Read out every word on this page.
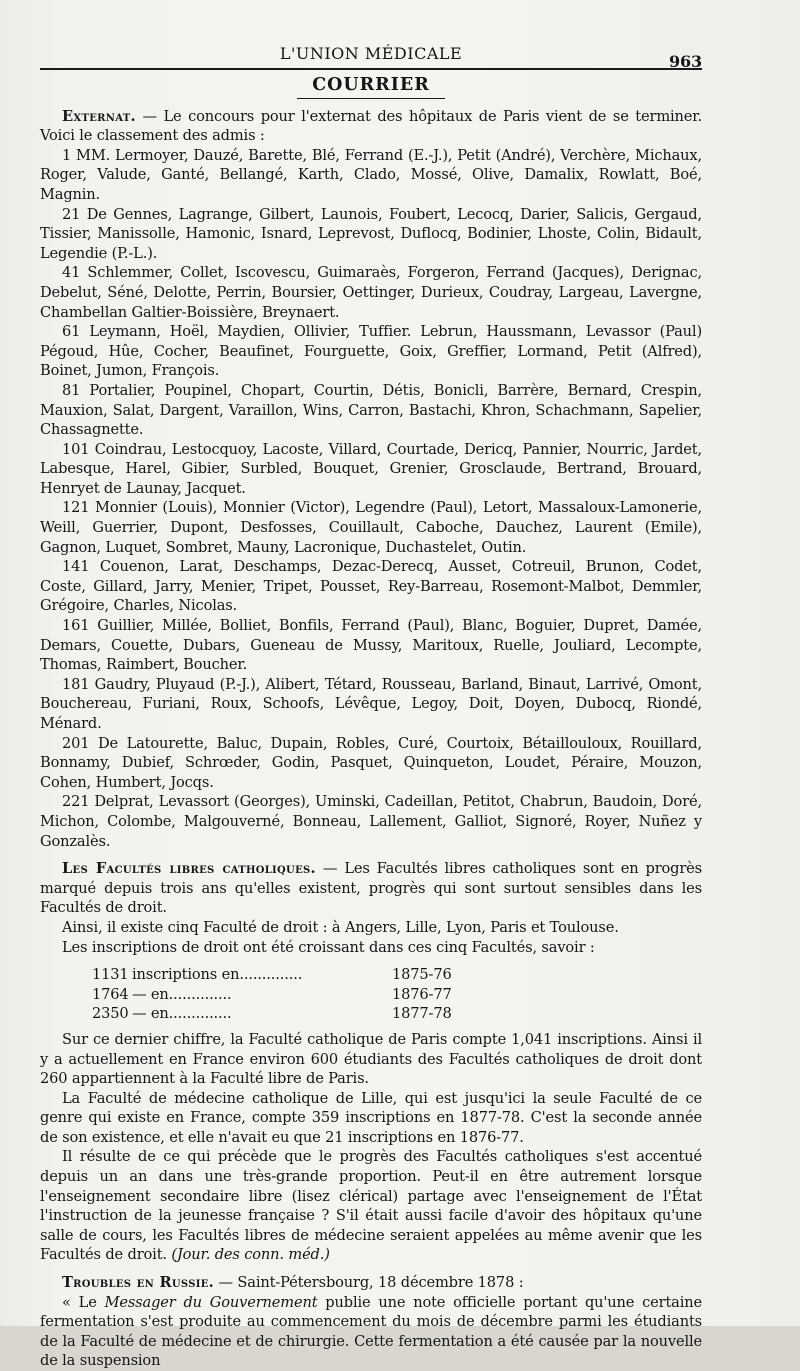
L'UNION MÉDICALE	963
COURRIER

Externat. — Le concours pour l'externat des hôpitaux de Paris vient de se terminer. Voici le classement des admis :

1 MM. Lermoyer, Dauzé, Barette, Blé, Ferrand (E.-J.), Petit (André), Verchère, Michaux, Roger, Valude, Ganté, Bellangé, Karth, Clado, Mossé, Olive, Damalix, Rowlatt, Boé, Magnin.

21 De Gennes, Lagrange, Gilbert, Launois, Foubert, Lecocq, Darier, Salicis, Gergaud, Tissier, Manissolle, Hamonic, Isnard, Leprevost, Duflocq, Bodinier, Lhoste, Colin, Bidault, Legendie (P.-L.).

41 Schlemmer, Collet, Iscovescu, Guimaraès, Forgeron, Ferrand (Jacques), Derignac, Debelut, Séné, Delotte, Perrin, Boursier, Oettinger, Durieux, Coudray, Largeau, Lavergne, Chambellan Galtier-Boissière, Breynaert.

61 Leymann, Hoël, Maydien, Ollivier, Tuffier. Lebrun, Haussmann, Levassor (Paul) Pégoud, Hûe, Cocher, Beaufinet, Fourguette, Goix, Greffier, Lormand, Petit (Alfred), Boinet, Jumon, François.

81 Portalier, Poupinel, Chopart, Courtin, Détis, Bonicli, Barrère, Bernard, Crespin, Mauxion, Salat, Dargent, Varaillon, Wins, Carron, Bastachi, Khron, Schachmann, Sapelier, Chassagnette.

101 Coindrau, Lestocquoy, Lacoste, Villard, Courtade, Dericq, Pannier, Nourric, Jardet, Labesque, Harel, Gibier, Surbled, Bouquet, Grenier, Grosclaude, Bertrand, Brouard, Henryet de Launay, Jacquet.

121 Monnier (Louis), Monnier (Victor), Legendre (Paul), Letort, Massaloux-Lamonerie, Weill, Guerrier, Dupont, Desfosses, Couillault, Caboche, Dauchez, Laurent (Emile), Gagnon, Luquet, Sombret, Mauny, Lacronique, Duchastelet, Outin.

141 Couenon, Larat, Deschamps, Dezac-Derecq, Ausset, Cotreuil, Brunon, Codet, Coste, Gillard, Jarry, Menier, Tripet, Pousset, Rey-Barreau, Rosemont-Malbot, Demmler, Grégoire, Charles, Nicolas.

161 Guillier, Millée, Bolliet, Bonfils, Ferrand (Paul), Blanc, Boguier, Dupret, Damée, Demars, Couette, Dubars, Gueneau de Mussy, Maritoux, Ruelle, Jouliard, Lecompte, Thomas, Raimbert, Boucher.

181 Gaudry, Pluyaud (P.-J.), Alibert, Tétard, Rousseau, Barland, Binaut, Larrivé, Omont, Bouchereau, Furiani, Roux, Schoofs, Lévêque, Legoy, Doit, Doyen, Dubocq, Riondé, Ménard.

201 De Latourette, Baluc, Dupain, Robles, Curé, Courtoix, Bétaillouloux, Rouillard, Bonnamy, Dubief, Schrœder, Godin, Pasquet, Quinqueton, Loudet, Péraire, Mouzon, Cohen, Humbert, Jocqs.

221 Delprat, Levassort (Georges), Uminski, Cadeillan, Petitot, Chabrun, Baudoin, Doré, Michon, Colombe, Malgouverné, Bonneau, Lallement, Galliot, Signoré, Royer, Nuñez y Gonzalès.

Les Facultés libres catholiques. — Les Facultés libres catholiques sont en progrès marqué depuis trois ans qu'elles existent, progrès qui sont surtout sensibles dans les Facultés de droit.

Ainsi, il existe cinq Faculté de droit : à Angers, Lille, Lyon, Paris et Toulouse.

Les inscriptions de droit ont été croissant dans ces cinq Facultés, savoir :

1131 inscriptions en..............	1875-76
1764 — en..............	1876-77
2350 — en..............	1877-78

Sur ce dernier chiffre, la Faculté catholique de Paris compte 1,041 inscriptions. Ainsi il y a actuellement en France environ 600 étudiants des Facultés catholiques de droit dont 260 appartiennent à la Faculté libre de Paris.

La Faculté de médecine catholique de Lille, qui est jusqu'ici la seule Faculté de ce genre qui existe en France, compte 359 inscriptions en 1877-78. C'est la seconde année de son existence, et elle n'avait eu que 21 inscriptions en 1876-77.

Il résulte de ce qui précède que le progrès des Facultés catholiques s'est accentué depuis un an dans une très-grande proportion. Peut-il en être autrement lorsque l'enseignement secondaire libre (lisez clérical) partage avec l'enseignement de l'État l'instruction de la jeunesse française ? S'il était aussi facile d'avoir des hôpitaux qu'une salle de cours, les Facultés libres de médecine seraient appelées au même avenir que les Facultés de droit. (Jour. des conn. méd.)

Troubles en Russie. — Saint-Pétersbourg, 18 décembre 1878 :

« Le Messager du Gouvernement publie une note officielle portant qu'une certaine fermentation s'est produite au commencement du mois de décembre parmi les étudiants de la Faculté de médecine et de chirurgie. Cette fermentation a été causée par la nouvelle de la suspension
